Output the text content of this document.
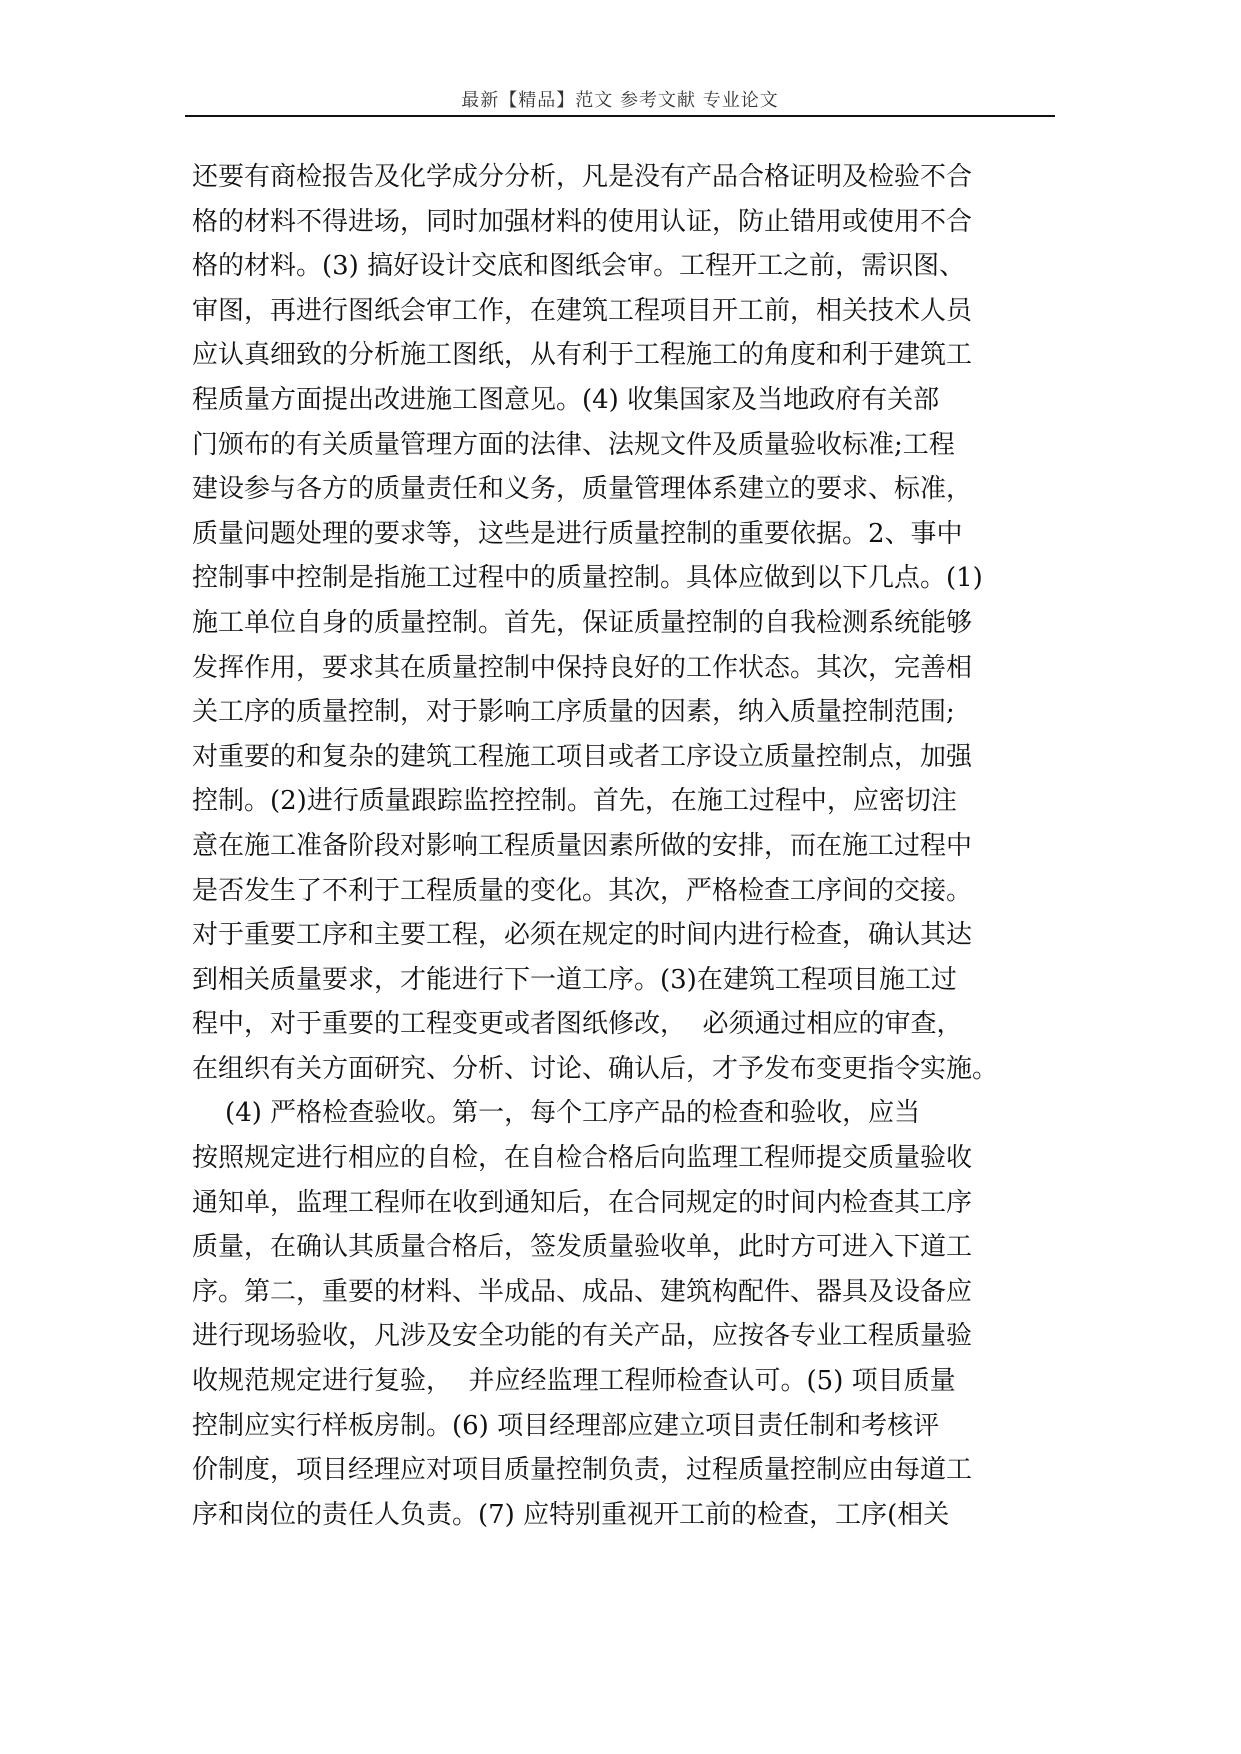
最新【精品】范文 参考文献 专业论文
还要有商检报告及化学成分分析，凡是没有产品合格证明及检验不合
格的材料不得进场，同时加强材料的使用认证，防止错用或使用不合
格的材料。(3) 搞好设计交底和图纸会审。工程开工之前，需识图、
审图，再进行图纸会审工作，在建筑工程项目开工前，相关技术人员
应认真细致的分析施工图纸，从有利于工程施工的角度和利于建筑工
程质量方面提出改进施工图意见。(4) 收集国家及当地政府有关部
门颁布的有关质量管理方面的法律、法规文件及质量验收标准;工程
建设参与各方的质量责任和义务，质量管理体系建立的要求、标准，
质量问题处理的要求等，这些是进行质量控制的重要依据。2、事中
控制事中控制是指施工过程中的质量控制。具体应做到以下几点。(1)
施工单位自身的质量控制。首先，保证质量控制的自我检测系统能够
发挥作用，要求其在质量控制中保持良好的工作状态。其次，完善相
关工序的质量控制，对于影响工序质量的因素，纳入质量控制范围;
对重要的和复杂的建筑工程施工项目或者工序设立质量控制点，加强
控制。(2)进行质量跟踪监控控制。首先，在施工过程中，应密切注
意在施工准备阶段对影响工程质量因素所做的安排，而在施工过程中
是否发生了不利于工程质量的变化。其次，严格检查工序间的交接。
对于重要工序和主要工程，必须在规定的时间内进行检查，确认其达
到相关质量要求，才能进行下一道工序。(3)在建筑工程项目施工过
程中，对于重要的工程变更或者图纸修改，  必须通过相应的审查，
在组织有关方面研究、分析、讨论、确认后，才予发布变更指令实施。
(4) 严格检查验收。第一，每个工序产品的检查和验收，应当
按照规定进行相应的自检，在自检合格后向监理工程师提交质量验收
通知单，监理工程师在收到通知后，在合同规定的时间内检查其工序
质量，在确认其质量合格后，签发质量验收单，此时方可进入下道工
序。第二，重要的材料、半成品、成品、建筑构配件、器具及设备应
进行现场验收，凡涉及安全功能的有关产品，应按各专业工程质量验
收规范规定进行复验，  并应经监理工程师检查认可。(5) 项目质量
控制应实行样板房制。(6) 项目经理部应建立项目责任制和考核评
价制度，项目经理应对项目质量控制负责，过程质量控制应由每道工
序和岗位的责任人负责。(7) 应特别重视开工前的检查，工序(相关
